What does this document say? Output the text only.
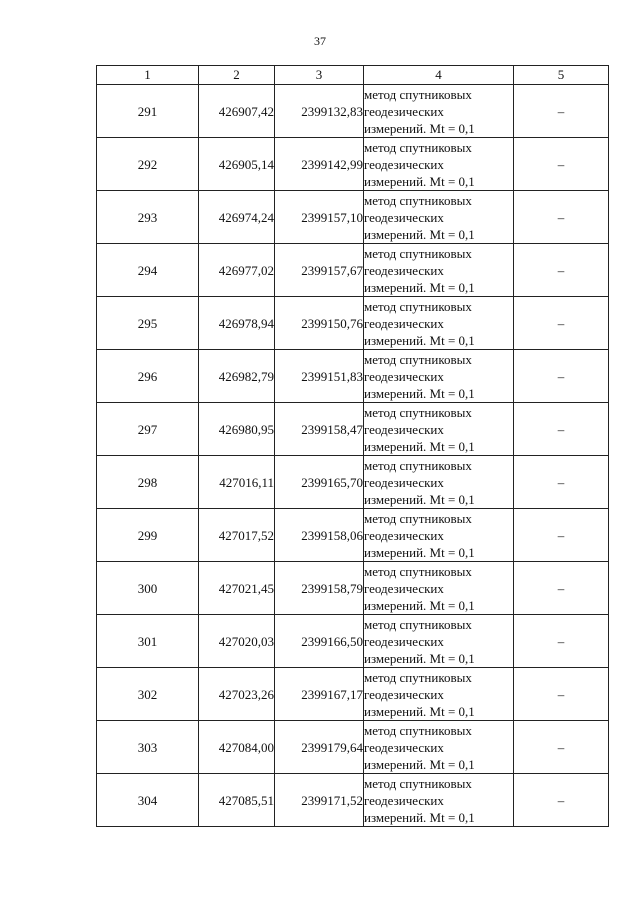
37
1	2	3	4	5
291	426907,42	2399132,83	метод спутниковых
геодезических
измерений. Mt = 0,1	–
292	426905,14	2399142,99	метод спутниковых
геодезических
измерений. Mt = 0,1	–
293	426974,24	2399157,10	метод спутниковых
геодезических
измерений. Mt = 0,1	–
294	426977,02	2399157,67	метод спутниковых
геодезических
измерений. Mt = 0,1	–
295	426978,94	2399150,76	метод спутниковых
геодезических
измерений. Mt = 0,1	–
296	426982,79	2399151,83	метод спутниковых
геодезических
измерений. Mt = 0,1	–
297	426980,95	2399158,47	метод спутниковых
геодезических
измерений. Mt = 0,1	–
298	427016,11	2399165,70	метод спутниковых
геодезических
измерений. Mt = 0,1	–
299	427017,52	2399158,06	метод спутниковых
геодезических
измерений. Mt = 0,1	–
300	427021,45	2399158,79	метод спутниковых
геодезических
измерений. Mt = 0,1	–
301	427020,03	2399166,50	метод спутниковых
геодезических
измерений. Mt = 0,1	–
302	427023,26	2399167,17	метод спутниковых
геодезических
измерений. Mt = 0,1	–
303	427084,00	2399179,64	метод спутниковых
геодезических
измерений. Mt = 0,1	–
304	427085,51	2399171,52	метод спутниковых
геодезических
измерений. Mt = 0,1	–
